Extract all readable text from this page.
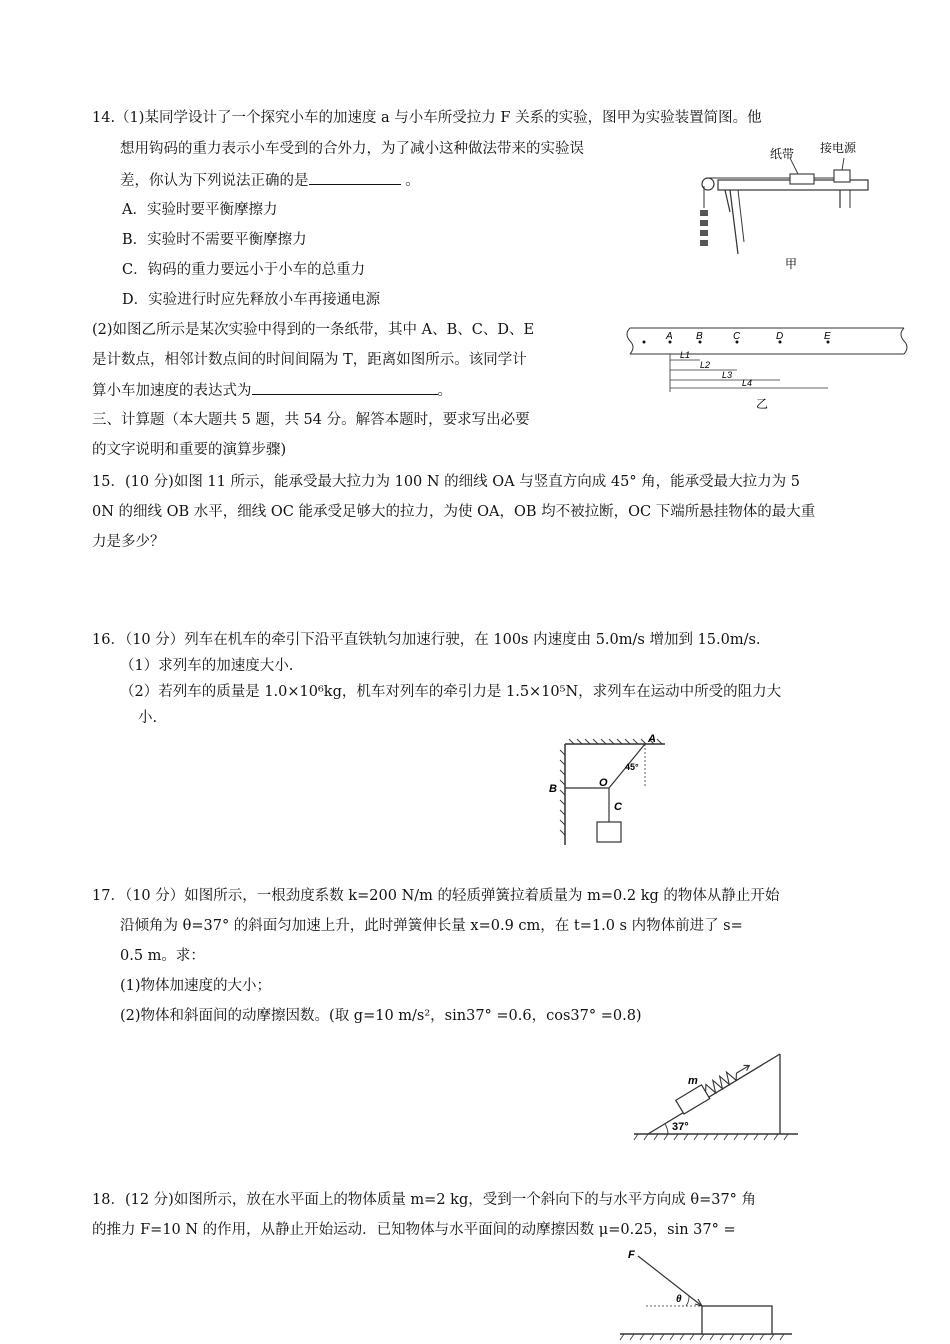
14.（1)某同学设计了一个探究小车的加速度 a 与小车所受拉力 F 关系的实验，图甲为实验装置简图。他
想用钩码的重力表示小车受到的合外力，为了减小这种做法带来的实验误
差，你认为下列说法正确的是	。
A．实验时要平衡摩擦力
B．实验时不需要平衡摩擦力
C．钩码的重力要远小于小车的总重力
D．实验进行时应先释放小车再接通电源
(2)如图乙所示是某次实验中得到的一条纸带，其中 A、B、C、D、E
是计数点，相邻计数点间的时间间隔为 T，距离如图所示。该同学计
算小车加速度的表达式为	。
纸带 接电源
甲
A B	C	D	E
L1
L2
L3
L4
乙
三、计算题（本大题共 5 题，共 54 分。解答本题时，要求写出必要
的文字说明和重要的演算步骤)
15．(10 分)如图 11 所示，能承受最大拉力为 100 N 的细线 OA 与竖直方向成 45° 角，能承受最大拉力为 5
0N 的细线 OB 水平，细线 OC 能承受足够大的拉力，为使 OA，OB 均不被拉断，OC 下端所悬挂物体的最大重
力是多少？
16．（10 分）列车在机车的牵引下沿平直铁轨匀加速行驶，在 100s 内速度由 5.0m/s 增加到 15.0m/s.
（1）求列车的加速度大小.
（2）若列车的质量是 1.0×10⁶kg，机车对列车的牵引力是 1.5×10⁵N，求列车在运动中所受的阻力大
小.
A
B	O
C
45°
17．（10 分）如图所示，一根劲度系数 k=200 N/m 的轻质弹簧拉着质量为 m=0.2 kg 的物体从静止开始
沿倾角为 θ=37° 的斜面匀加速上升，此时弹簧伸长量 x=0.9 cm，在 t=1.0 s 内物体前进了 s=
0.5 m。求：
(1)物体加速度的大小；
(2)物体和斜面间的动摩擦因数。(取 g=10 m/s²，sin37° =0.6，cos37° =0.8)
m
37°
18．(12 分)如图所示，放在水平面上的物体质量 m=2 kg，受到一个斜向下的与水平方向成 θ=37° 角
的推力 F=10 N 的作用，从静止开始运动．已知物体与水平面间的动摩擦因数 μ=0.25，sin 37° =
F
θ
